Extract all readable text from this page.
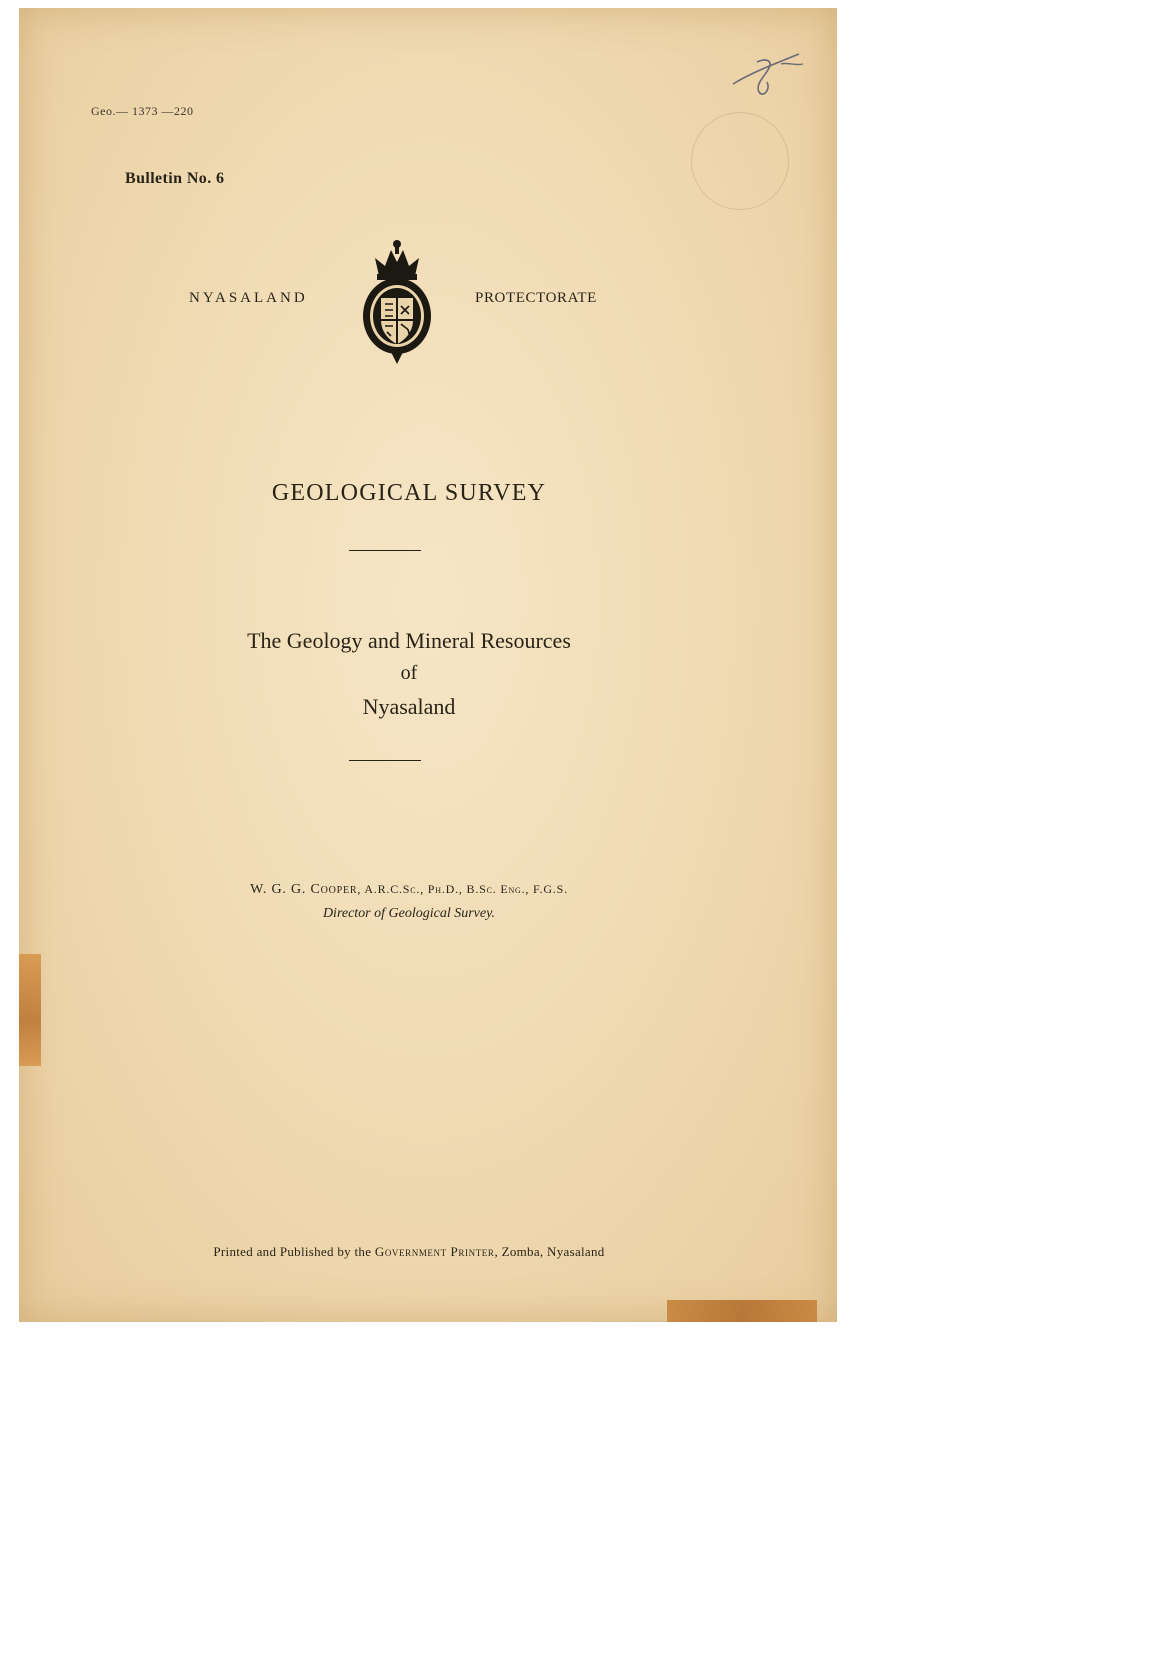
Geo.— 1373 —220
Bulletin No. 6
NYASALAND	PROTECTORATE
GEOLOGICAL SURVEY
The Geology and Mineral Resources
of
Nyasaland
W. G. G. Cooper, A.R.C.Sc., Ph.D., B.Sc. Eng., F.G.S.
Director of Geological Survey.
Printed and Published by the Government Printer, Zomba, Nyasaland
